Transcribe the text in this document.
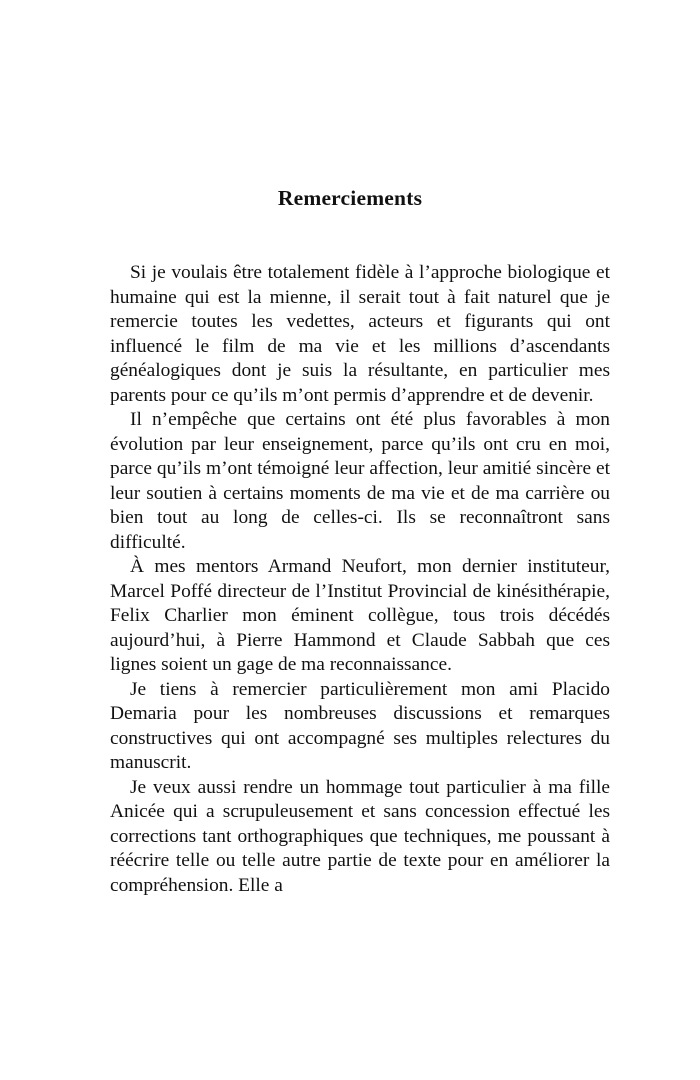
Remerciements

Si je voulais être totalement fidèle à l’approche biologique et humaine qui est la mienne, il serait tout à fait naturel que je remercie toutes les vedettes, acteurs et figurants qui ont influencé le film de ma vie et les millions d’ascendants généalogiques dont je suis la résultante, en particulier mes parents pour ce qu’ils m’ont permis d’apprendre et de devenir.

Il n’empêche que certains ont été plus favorables à mon évolution par leur enseignement, parce qu’ils ont cru en moi, parce qu’ils m’ont témoigné leur affection, leur amitié sincère et leur soutien à certains moments de ma vie et de ma carrière ou bien tout au long de celles-ci. Ils se reconnaîtront sans difficulté.

À mes mentors Armand Neufort, mon dernier instituteur, Marcel Poffé directeur de l’Institut Provincial de kinésithérapie, Felix Charlier mon éminent collègue, tous trois décédés aujourd’hui, à Pierre Hammond et Claude Sabbah que ces lignes soient un gage de ma reconnaissance.

Je tiens à remercier particulièrement mon ami Placido Demaria pour les nombreuses discussions et remarques constructives qui ont accompagné ses multiples relectures du manuscrit.

Je veux aussi rendre un hommage tout particulier à ma fille Anicée qui a scrupuleusement et sans concession effectué les corrections tant orthographiques que techniques, me poussant à réécrire telle ou telle autre partie de texte pour en améliorer la compréhension. Elle a
